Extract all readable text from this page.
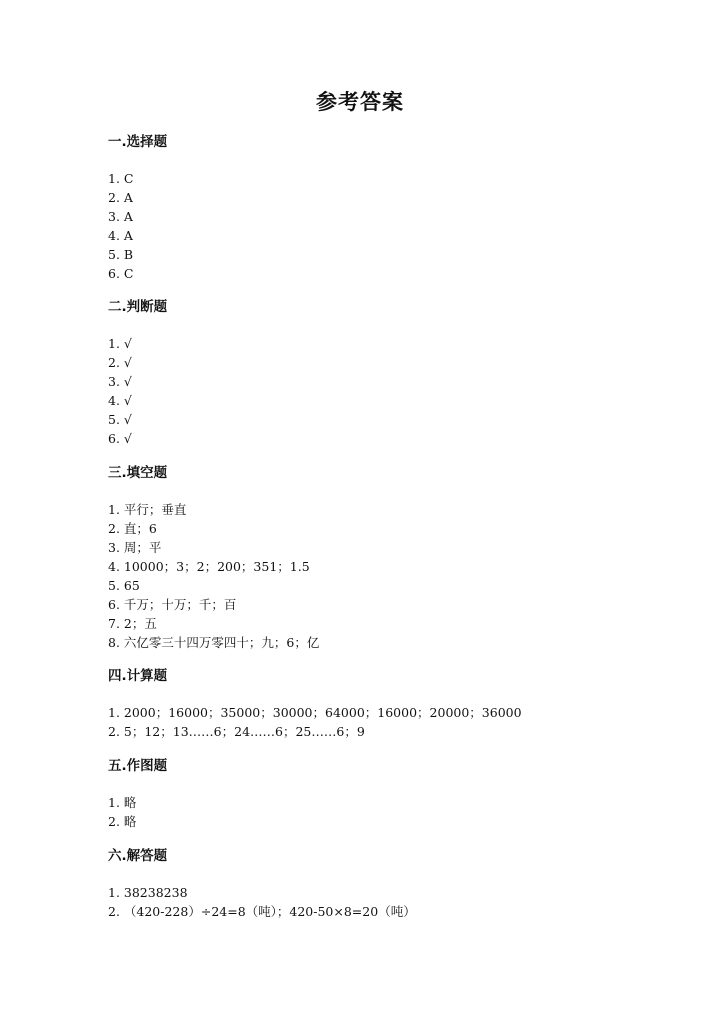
参考答案
一.选择题
1. C
2. A
3. A
4. A
5. B
6. C
二.判断题
1. √
2. √
3. √
4. √
5. √
6. √
三.填空题
1. 平行；垂直
2. 直；6
3. 周；平
4. 10000；3；2；200；351；1.5
5. 65
6. 千万；十万；千；百
7. 2；五
8. 六亿零三十四万零四十；九；6；亿
四.计算题
1. 2000；16000；35000；30000；64000；16000；20000；36000
2. 5；12；13……6；24……6；25……6；9
五.作图题
1. 略
2. 略
六.解答题
1. 38238238
2. （420-228）÷24=8（吨）；420-50×8=20（吨）
